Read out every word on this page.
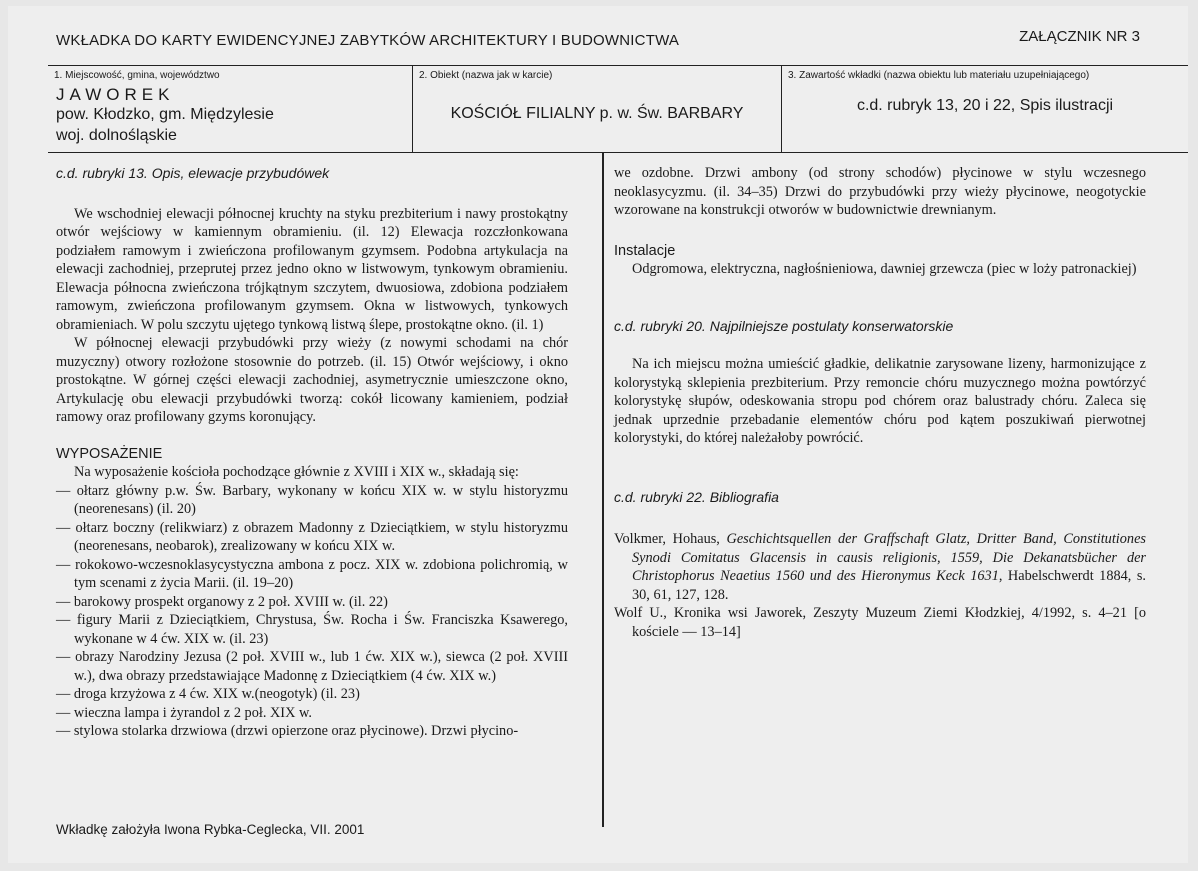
WKŁADKA DO KARTY EWIDENCYJNEJ ZABYTKÓW ARCHITEKTURY I BUDOWNICTWA	ZAŁĄCZNIK NR 3
1. Miejscowość, gmina, województwo
JAWOREK
pow. Kłodzko, gm. Międzylesie
woj. dolnośląskie
2. Obiekt (nazwa jak w karcie)
KOŚCIÓŁ FILIALNY p. w. Św. BARBARY
3. Zawartość wkładki (nazwa obiektu lub materiału uzupełniającego)
c.d. rubryk 13, 20 i 22, Spis ilustracji

c.d. rubryki 13. Opis, elewacje przybudówek

We wschodniej elewacji północnej kruchty na styku prezbiterium i nawy prostokątny otwór wejściowy w kamiennym obramieniu. (il. 12) Elewacja rozczłonkowana podziałem ramowym i zwieńczona profilowanym gzymsem. Podobna artykulacja na elewacji zachodniej, przeprutej przez jedno okno w listwowym, tynkowym obramieniu. Elewacja północna zwieńczona trójkątnym szczytem, dwuosiowa, zdobiona podziałem ramowym, zwieńczona profilowanym gzymsem. Okna w listwowych, tynkowych obramieniach. W polu szczytu ujętego tynkową listwą ślepe, prostokątne okno. (il. 1)

W północnej elewacji przybudówki przy wieży (z nowymi schodami na chór muzyczny) otwory rozłożone stosownie do potrzeb. (il. 15) Otwór wejściowy, i okno prostokątne. W górnej części elewacji zachodniej, asymetrycznie umieszczone okno, Artykulację obu elewacji przybudówki tworzą: cokół licowany kamieniem, podział ramowy oraz profilowany gzyms koronujący.

WYPOSAŻENIE

Na wyposażenie kościoła pochodzące głównie z XVIII i XIX w., składają się:

— ołtarz główny p.w. Św. Barbary, wykonany w końcu XIX w. w stylu historyzmu (neorenesans) (il. 20)

— ołtarz boczny (relikwiarz) z obrazem Madonny z Dzieciątkiem, w stylu historyzmu (neorenesans, neobarok), zrealizowany w końcu XIX w.

— rokokowo-wczesnoklasycystyczna ambona z pocz. XIX w. zdobiona polichromią, w tym scenami z życia Marii. (il. 19–20)

— barokowy prospekt organowy z 2 poł. XVIII w. (il. 22)

— figury Marii z Dzieciątkiem, Chrystusa, Św. Rocha i Św. Franciszka Ksawerego, wykonane w 4 ćw. XIX w. (il. 23)

— obrazy Narodziny Jezusa (2 poł. XVIII w., lub 1 ćw. XIX w.), siewca (2 poł. XVIII w.), dwa obrazy przedstawiające Madonnę z Dzieciątkiem (4 ćw. XIX w.)

— droga krzyżowa z 4 ćw. XIX w.(neogotyk) (il. 23)

— wieczna lampa i żyrandol z 2 poł. XIX w.

— stylowa stolarka drzwiowa (drzwi opierzone oraz płycinowe). Drzwi płycino-

we ozdobne. Drzwi ambony (od strony schodów) płycinowe w stylu wczesnego neoklasycyzmu. (il. 34–35) Drzwi do przybudówki przy wieży płycinowe, neogotyckie wzorowane na konstrukcji otworów w budownictwie drewnianym.

Instalacje

Odgromowa, elektryczna, nagłośnieniowa, dawniej grzewcza (piec w loży patronackiej)

c.d. rubryki 20. Najpilniejsze postulaty konserwatorskie

Na ich miejscu można umieścić gładkie, delikatnie zarysowane lizeny, harmonizujące z kolorystyką sklepienia prezbiterium. Przy remoncie chóru muzycznego można powtórzyć kolorystykę słupów, odeskowania stropu pod chórem oraz balustrady chóru. Zaleca się jednak uprzednie przebadanie elementów chóru pod kątem poszukiwań pierwotnej kolorystyki, do której należałoby powrócić.

c.d. rubryki 22. Bibliografia

Volkmer, Hohaus, Geschichtsquellen der Graffschaft Glatz, Dritter Band, Constitutiones Synodi Comitatus Glacensis in causis religionis, 1559, Die Dekanatsbücher der Christophorus Neaetius 1560 und des Hieronymus Keck 1631, Habelschwerdt 1884, s. 30, 61, 127, 128.

Wolf U., Kronika wsi Jaworek, Zeszyty Muzeum Ziemi Kłodzkiej, 4/1992, s. 4–21 [o kościele — 13–14]

Wkładkę założyła Iwona Rybka-Ceglecka, VII. 2001
